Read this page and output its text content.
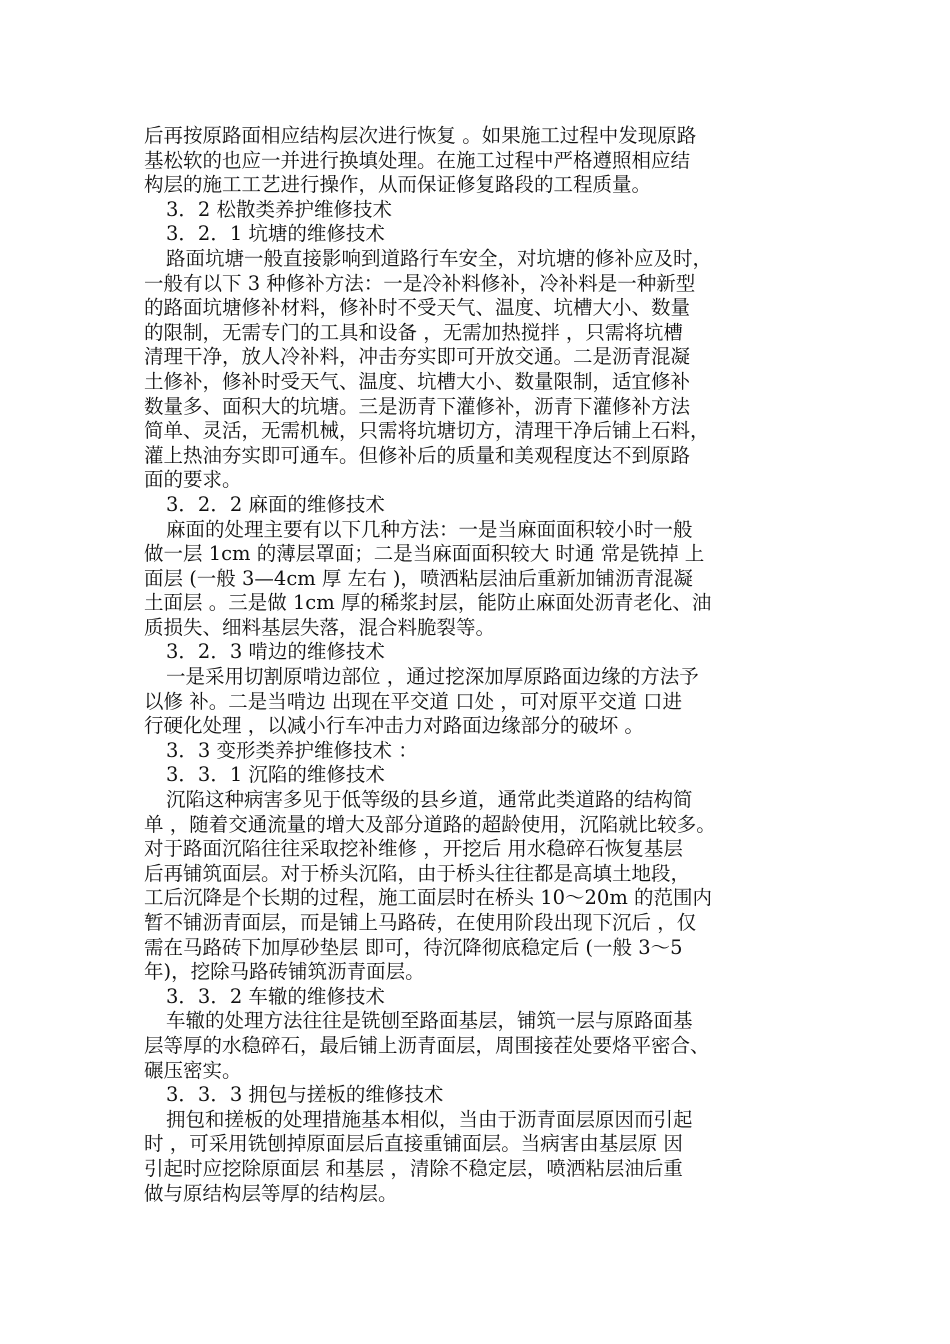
后再按原路面相应结构层次进行恢复 。如果施工过程中发现原路
基松软的也应一并进行换填处理。在施工过程中严格遵照相应结
构层的施工工艺进行操作，从而保证修复路段的工程质量。
3．2 松散类养护维修技术
3．2．1 坑塘的维修技术
路面坑塘一般直接影响到道路行车安全，对坑塘的修补应及时，
一般有以下 3 种修补方法：一是冷补料修补，冷补料是一种新型
的路面坑塘修补材料，修补时不受天气、温度、坑槽大小、数量
的限制，无需专门的工具和设备 ，无需加热搅拌 ，只需将坑槽
清理干净，放人冷补料，冲击夯实即可开放交通。二是沥青混凝
土修补，修补时受天气、温度、坑槽大小、数量限制，适宜修补
数量多、面积大的坑塘。三是沥青下灌修补，沥青下灌修补方法
简单、灵活，无需机械，只需将坑塘切方，清理干净后铺上石料，
灌上热油夯实即可通车。但修补后的质量和美观程度达不到原路
面的要求。
3．2．2 麻面的维修技术
麻面的处理主要有以下几种方法：一是当麻面面积较小时一般
做一层 1cm 的薄层罩面；二是当麻面面积较大 时通 常是铣掉 上
面层 (一般 3—4cm 厚 左右 )，喷洒粘层油后重新加铺沥青混凝
土面层 。三是做 1cm 厚的稀浆封层，能防止麻面处沥青老化、油
质损失、细料基层失落，混合料脆裂等。
3．2．3 啃边的维修技术
一是采用切割原啃边部位 ，通过挖深加厚原路面边缘的方法予
以修 补。二是当啃边 出现在平交道 口处 ，可对原平交道 口进
行硬化处理 ，以减小行车冲击力对路面边缘部分的破坏 。
3．3 变形类养护维修技术 ：
3．3．1 沉陷的维修技术
沉陷这种病害多见于低等级的县乡道，通常此类道路的结构简
单 ，随着交通流量的增大及部分道路的超龄使用，沉陷就比较多。
对于路面沉陷往往采取挖补维修 ，开挖后 用水稳碎石恢复基层
后再铺筑面层。对于桥头沉陷，由于桥头往往都是高填土地段，
工后沉降是个长期的过程，施工面层时在桥头 10～20m 的范围内
暂不铺沥青面层，而是铺上马路砖，在使用阶段出现下沉后 ，仅
需在马路砖下加厚砂垫层 即可，待沉降彻底稳定后 (一般 3～5
年)，挖除马路砖铺筑沥青面层。
3．3．2 车辙的维修技术
车辙的处理方法往往是铣刨至路面基层，铺筑一层与原路面基
层等厚的水稳碎石，最后铺上沥青面层，周围接茬处要烙平密合、
碾压密实。
3．3．3 拥包与搓板的维修技术
拥包和搓板的处理措施基本相似，当由于沥青面层原因而引起
时 ，可采用铣刨掉原面层后直接重铺面层。当病害由基层原 因
引起时应挖除原面层 和基层 ，清除不稳定层，喷洒粘层油后重
做与原结构层等厚的结构层。
